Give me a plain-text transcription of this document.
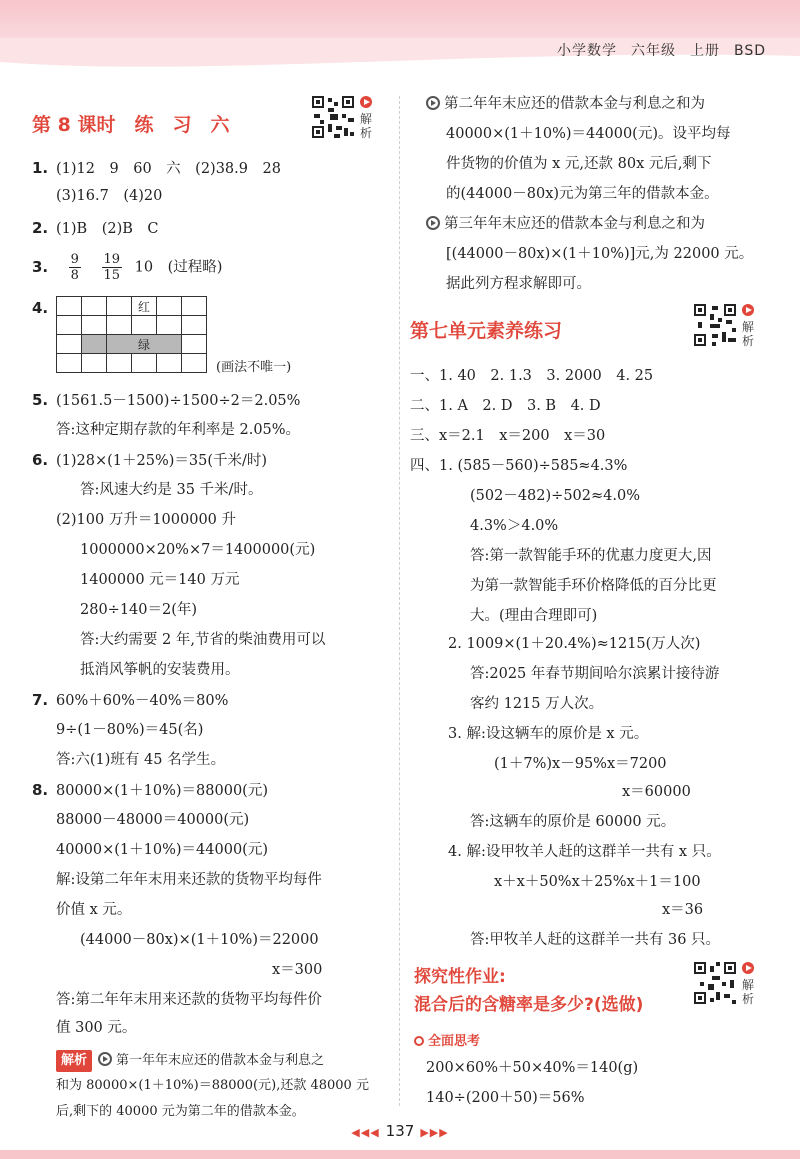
小学数学 六年级 上册 BSD
第 8 课时　练　习　六	解析
1. (1)12　9　60　六　(2)38.9　28
(3)16.7　(4)20
2. (1)B　(2)B　C
3. $\frac{9}{8}$
$\frac{19}{15} 10$　(过程略)
4.
				红		

		绿			

(画法不唯一)
5. (1561.5－1500)÷1500÷2＝2.05%
答:这种定期存款的年利率是 2.05%。
6. (1)28×(1＋25%)＝35(千米/时)
答:风速大约是 35 千米/时。
(2)100 万升＝1000000 升
1000000×20%×7＝1400000(元)
1400000 元＝140 万元
280÷140＝2(年)
答:大约需要 2 年,节省的柴油费用可以
抵消风筝帆的安装费用。
7. 60%＋60%－40%＝80%
9÷(1－80%)＝45(名)
答:六(1)班有 45 名学生。
8. 80000×(1＋10%)＝88000(元)
88000－48000＝40000(元)
40000×(1＋10%)＝44000(元)
解:设第二年年末用来还款的货物平均每件
价值 x 元。
(44000－80x)×(1＋10%)＝22000
x＝300
答:第二年年末用来还款的货物平均每件价
值 300 元。
解析 第一年年末应还的借款本金与利息之
和为 80000×(1＋10%)＝88000(元),还款 48000 元
后,剩下的 40000 元为第二年的借款本金。
第二年年末应还的借款本金与利息之和为
40000×(1＋10%)＝44000(元)。设平均每
件货物的价值为 x 元,还款 80x 元后,剩下
的(44000－80x)元为第三年的借款本金。
第三年年末应还的借款本金与利息之和为
[(44000－80x)×(1＋10%)]元,为 22000 元。
据此列方程求解即可。
第七单元素养练习	解析
一、1. 40　2. 1.3　3. 2000　4. 25
二、1. A　2. D　3. B　4. D
三、x＝2.1　x＝200　x＝30
四、1. (585－560)÷585≈4.3%
(502－482)÷502≈4.0%
4.3%＞4.0%
答:第一款智能手环的优惠力度更大,因
为第一款智能手环价格降低的百分比更
大。(理由合理即可)
2. 1009×(1＋20.4%)≈1215(万人次)
答:2025 年春节期间哈尔滨累计接待游
客约 1215 万人次。
3. 解:设这辆车的原价是 x 元。
(1＋7%)x－95%x＝7200
x＝60000
答:这辆车的原价是 60000 元。
4. 解:设甲牧羊人赶的这群羊一共有 x 只。
x＋x＋50%x＋25%x＋1＝100
x＝36
答:甲牧羊人赶的这群羊一共有 36 只。
探究性作业:
混合后的含糖率是多少?(选做)
解析
全面思考
200×60%＋50×40%＝140(g)
140÷(200＋50)＝56%
◀◀◀ 137 ▶▶▶
